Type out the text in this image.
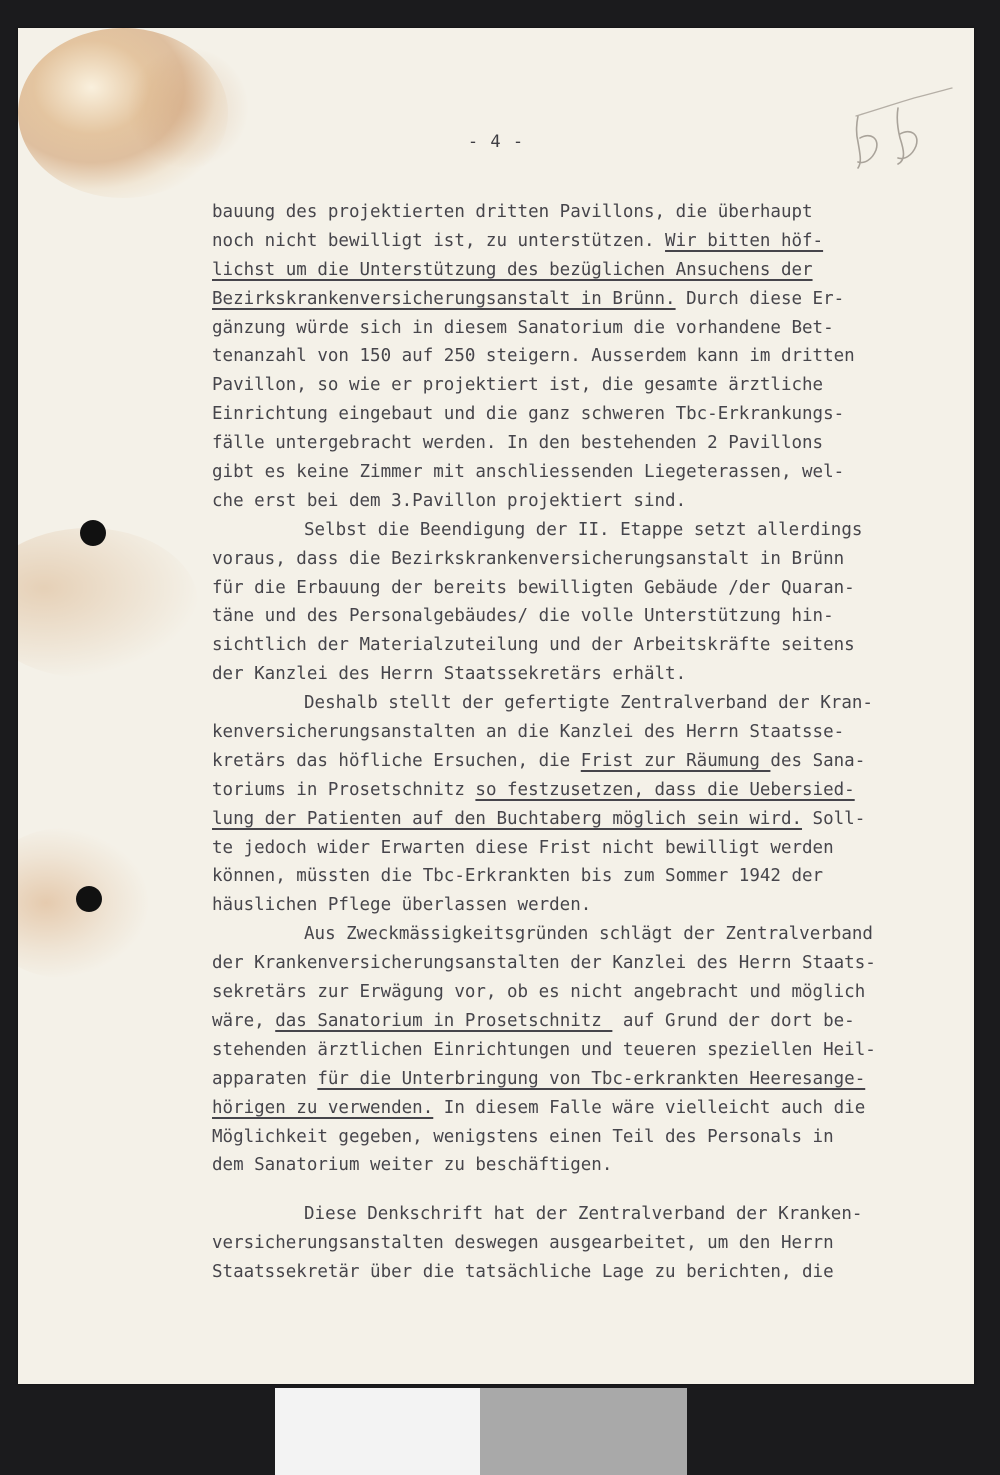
- 4 -
bauung des projektierten dritten Pavillons, die überhaupt
noch nicht bewilligt ist, zu unterstützen. Wir bitten höf-
lichst um die Unterstützung des bezüglichen Ansuchens der
Bezirkskrankenversicherungsanstalt in Brünn. Durch diese Er-
gänzung würde sich in diesem Sanatorium die vorhandene Bet-
tenanzahl von 150 auf 250 steigern. Ausserdem kann im dritten
Pavillon, so wie er projektiert ist, die gesamte ärztliche
Einrichtung eingebaut und die ganz schweren Tbc-Erkrankungs-
fälle untergebracht werden. In den bestehenden 2 Pavillons
gibt es keine Zimmer mit anschliessenden Liegeterassen, wel-
che erst bei dem 3.Pavillon projektiert sind.
Selbst die Beendigung der II. Etappe setzt allerdings
voraus, dass die Bezirkskrankenversicherungsanstalt in Brünn
für die Erbauung der bereits bewilligten Gebäude /der Quaran-
täne und des Personalgebäudes/ die volle Unterstützung hin-
sichtlich der Materialzuteilung und der Arbeitskräfte seitens
der Kanzlei des Herrn Staatssekretärs erhält.
Deshalb stellt der gefertigte Zentralverband der Kran-
kenversicherungsanstalten an die Kanzlei des Herrn Staatsse-
kretärs das höfliche Ersuchen, die Frist zur Räumung des Sana-
toriums in Prosetschnitz so festzusetzen, dass die Uebersied-
lung der Patienten auf den Buchtaberg möglich sein wird. Soll-
te jedoch wider Erwarten diese Frist nicht bewilligt werden
können, müssten die Tbc-Erkrankten bis zum Sommer 1942 der
häuslichen Pflege überlassen werden.
Aus Zweckmässigkeitsgründen schlägt der Zentralverband
der Krankenversicherungsanstalten der Kanzlei des Herrn Staats-
sekretärs zur Erwägung vor, ob es nicht angebracht und möglich
wäre, das Sanatorium in Prosetschnitz  auf Grund der dort be-
stehenden ärztlichen Einrichtungen und teueren speziellen Heil-
apparaten für die Unterbringung von Tbc-erkrankten Heeresange-
hörigen zu verwenden. In diesem Falle wäre vielleicht auch die
Möglichkeit gegeben, wenigstens einen Teil des Personals in
dem Sanatorium weiter zu beschäftigen.
Diese Denkschrift hat der Zentralverband der Kranken-
versicherungsanstalten deswegen ausgearbeitet, um den Herrn
Staatssekretär über die tatsächliche Lage zu berichten, die
